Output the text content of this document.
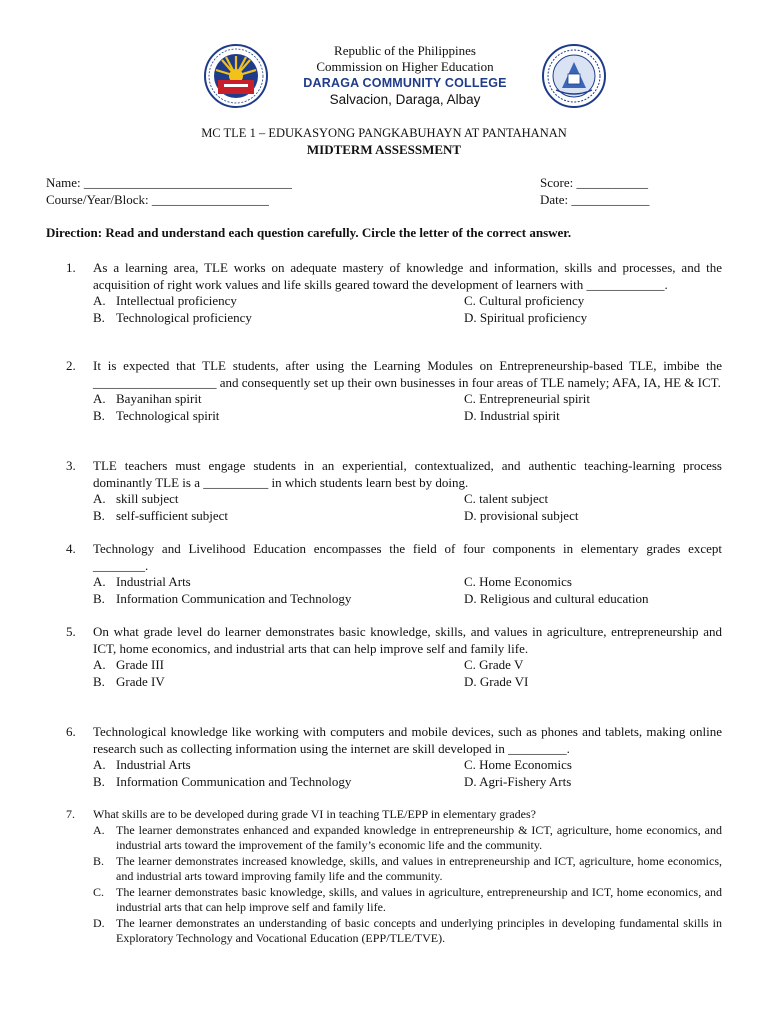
Republic of the Philippines
Commission on Higher Education
DARAGA COMMUNITY COLLEGE
Salvacion, Daraga, Albay
MC TLE 1 – EDUKASYONG PANGKABUHAYN AT PANTAHANAN
MIDTERM ASSESSMENT
Name: ________________________________
Course/Year/Block: __________________
Score: ___________
Date: ____________
Direction: Read and understand each question carefully. Circle the letter of the correct answer.
1.	As a learning area, TLE works on adequate mastery of knowledge and information, skills and processes, and the acquisition of right work values and life skills geared toward the development of learners with ____________.
A. Intellectual proficiency
B. Technological proficiency
C. Cultural proficiency
D. Spiritual proficiency
2.	It is expected that TLE students, after using the Learning Modules on Entrepreneurship-based TLE, imbibe the ___________________ and consequently set up their own businesses in four areas of TLE namely; AFA, IA, HE & ICT.
A. Bayanihan spirit
B. Technological spirit
C. Entrepreneurial spirit
D. Industrial spirit
3.	TLE teachers must engage students in an experiential, contextualized, and authentic teaching-learning process dominantly TLE is a __________ in which students learn best by doing.
A. skill subject
B. self-sufficient subject
C. talent subject
D. provisional subject
4.	Technology and Livelihood Education encompasses the field of four components in elementary grades except ________.
A. Industrial Arts
B. Information Communication and Technology
C. Home Economics
D. Religious and cultural education
5.	On what grade level do learner demonstrates basic knowledge, skills, and values in agriculture, entrepreneurship and ICT, home economics, and industrial arts that can help improve self and family life.
A. Grade III
B. Grade IV
C. Grade V
D. Grade VI
6.	Technological knowledge like working with computers and mobile devices, such as phones and tablets, making online research such as collecting information using the internet are skill developed in _________.
A. Industrial Arts
B. Information Communication and Technology
C. Home Economics
D. Agri-Fishery Arts
7.	What skills are to be developed during grade VI in teaching TLE/EPP in elementary grades?
A. The learner demonstrates enhanced and expanded knowledge in entrepreneurship & ICT, agriculture, home economics, and industrial arts toward the improvement of the family’s economic life and the community.
B. The learner demonstrates increased knowledge, skills, and values in entrepreneurship and ICT, agriculture, home economics, and industrial arts toward improving family life and the community.
C. The learner demonstrates basic knowledge, skills, and values in agriculture, entrepreneurship and ICT, home economics, and industrial arts that can help improve self and family life.
D. The learner demonstrates an understanding of basic concepts and underlying principles in developing fundamental skills in Exploratory Technology and Vocational Education (EPP/TLE/TVE).
